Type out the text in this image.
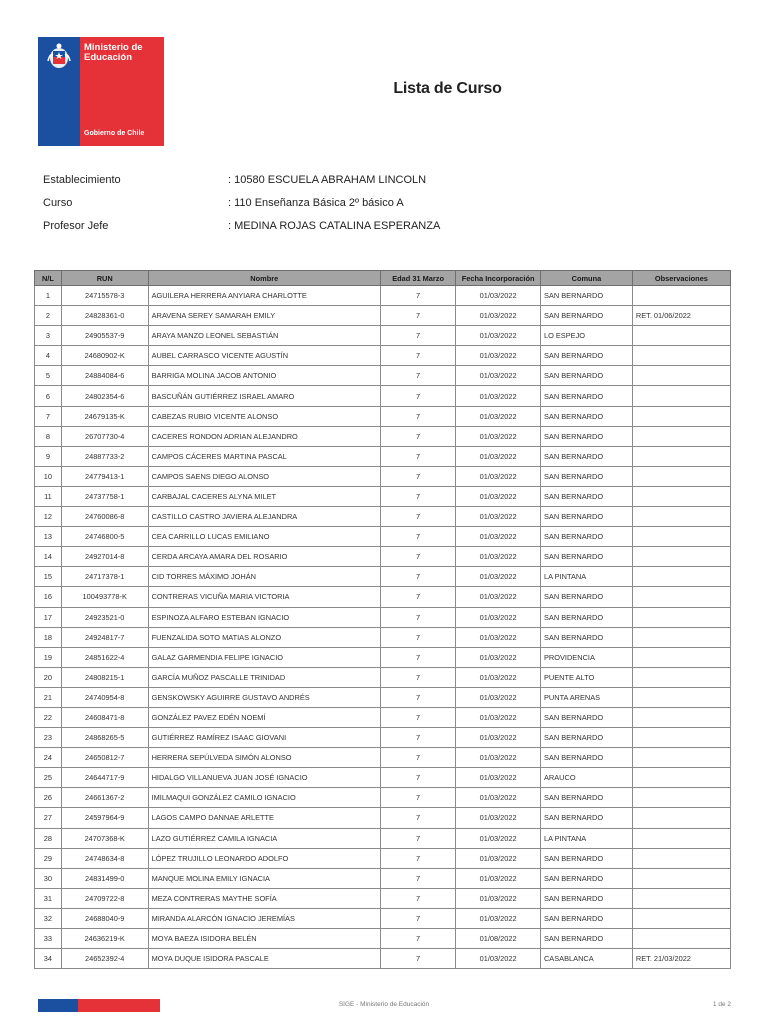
Ministerio de
Educación
Gobierno de Chile
Lista de Curso
Establecimiento	: 10580 ESCUELA ABRAHAM LINCOLN
Curso	: 110 Enseñanza Básica 2º básico A
Profesor Jefe	: MEDINA ROJAS CATALINA ESPERANZA
N/L	RUN	Nombre	Edad 31 Marzo	Fecha Incorporación	Comuna	Observaciones
1	24715578-3	AGUILERA HERRERA ANYIARA CHARLOTTE	7	01/03/2022	SAN BERNARDO	
2	24828361-0	ARAVENA SEREY SAMARAH EMILY	7	01/03/2022	SAN BERNARDO	RET. 01/06/2022
3	24905537-9	ARAYA MANZO LEONEL SEBASTIÁN	7	01/03/2022	LO ESPEJO	
4	24680902-K	AUBEL CARRASCO VICENTE AGUSTÍN	7	01/03/2022	SAN BERNARDO	
5	24884084-6	BARRIGA MOLINA JACOB ANTONIO	7	01/03/2022	SAN BERNARDO	
6	24802354-6	BASCUÑÁN GUTIÉRREZ ISRAEL AMARO	7	01/03/2022	SAN BERNARDO	
7	24679135-K	CABEZAS RUBIO VICENTE ALONSO	7	01/03/2022	SAN BERNARDO	
8	26707730-4	CACERES RONDON ADRIAN ALEJANDRO	7	01/03/2022	SAN BERNARDO	
9	24887733-2	CAMPOS CÁCERES MARTINA PASCAL	7	01/03/2022	SAN BERNARDO	
10	24779413-1	CAMPOS SAENS DIEGO ALONSO	7	01/03/2022	SAN BERNARDO	
11	24737758-1	CARBAJAL CACERES ALYNA MILET	7	01/03/2022	SAN BERNARDO	
12	24760086-8	CASTILLO CASTRO JAVIERA ALEJANDRA	7	01/03/2022	SAN BERNARDO	
13	24746800-5	CEA CARRILLO LUCAS EMILIANO	7	01/03/2022	SAN BERNARDO	
14	24927014-8	CERDA ARCAYA AMARA DEL ROSARIO	7	01/03/2022	SAN BERNARDO	
15	24717378-1	CID TORRES MÁXIMO JOHÁN	7	01/03/2022	LA PINTANA	
16	100493778-K	CONTRERAS VICUÑA MARIA VICTORIA	7	01/03/2022	SAN BERNARDO	
17	24923521-0	ESPINOZA ALFARO ESTEBAN IGNACIO	7	01/03/2022	SAN BERNARDO	
18	24924817-7	FUENZALIDA SOTO MATIAS ALONZO	7	01/03/2022	SAN BERNARDO	
19	24851622-4	GALAZ GARMENDIA FELIPE IGNACIO	7	01/03/2022	PROVIDENCIA	
20	24808215-1	GARCÍA MUÑOZ PASCALLE TRINIDAD	7	01/03/2022	PUENTE ALTO	
21	24740954-8	GENSKOWSKY AGUIRRE GUSTAVO ANDRÉS	7	01/03/2022	PUNTA ARENAS	
22	24608471-8	GONZÁLEZ PAVEZ EDÉN NOEMÍ	7	01/03/2022	SAN BERNARDO	
23	24868265-5	GUTIÉRREZ RAMÍREZ ISAAC GIOVANI	7	01/03/2022	SAN BERNARDO	
24	24650812-7	HERRERA SEPÚLVEDA SIMÓN ALONSO	7	01/03/2022	SAN BERNARDO	
25	24644717-9	HIDALGO VILLANUEVA JUAN JOSÉ IGNACIO	7	01/03/2022	ARAUCO	
26	24661367-2	IMILMAQUI GONZÁLEZ CAMILO IGNACIO	7	01/03/2022	SAN BERNARDO	
27	24597964-9	LAGOS CAMPO DANNAE ARLETTE	7	01/03/2022	SAN BERNARDO	
28	24707368-K	LAZO GUTIÉRREZ CAMILA IGNACIA	7	01/03/2022	LA PINTANA	
29	24748634-8	LÓPEZ TRUJILLO LEONARDO ADOLFO	7	01/03/2022	SAN BERNARDO	
30	24831499-0	MANQUE MOLINA EMILY IGNACIA	7	01/03/2022	SAN BERNARDO	
31	24709722-8	MEZA CONTRERAS MAYTHE SOFÍA	7	01/03/2022	SAN BERNARDO	
32	24688040-9	MIRANDA ALARCÓN IGNACIO JEREMÍAS	7	01/03/2022	SAN BERNARDO	
33	24636219-K	MOYA BAEZA ISIDORA BELÉN	7	01/08/2022	SAN BERNARDO	
34	24652392-4	MOYA DUQUE ISIDORA PASCALE	7	01/03/2022	CASABLANCA	RET. 21/03/2022
SIGE - Ministerio de Educación	1 de 2
